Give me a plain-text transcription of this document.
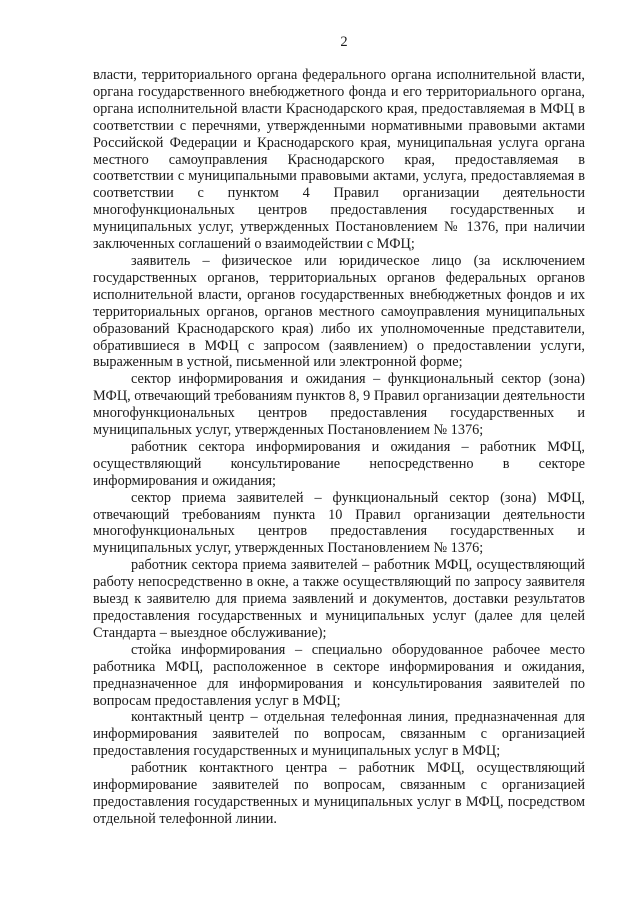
2

власти, территориального органа федерального органа исполнительной власти, органа государственного внебюджетного фонда и его территориального органа, органа исполнительной власти Краснодарского края, предоставляемая в МФЦ в соответствии с перечнями, утвержденными нормативными правовыми актами Российской Федерации и Краснодарского края, муниципальная услуга органа местного самоуправления Краснодарского края, предоставляемая в соответствии с муниципальными правовыми актами, услуга, предоставляемая в соответствии с пунктом 4 Правил организации деятельности многофункциональных центров предоставления государственных и муниципальных услуг, утвержденных Постановлением № 1376, при наличии заключенных соглашений о взаимодействии с МФЦ;

заявитель – физическое или юридическое лицо (за исключением государственных органов, территориальных органов федеральных органов исполнительной власти, органов государственных внебюджетных фондов и их территориальных органов, органов местного самоуправления муниципальных образований Краснодарского края) либо их уполномоченные представители, обратившиеся в МФЦ с запросом (заявлением) о предоставлении услуги, выраженным в устной, письменной или электронной форме;

сектор информирования и ожидания – функциональный сектор (зона) МФЦ, отвечающий требованиям пунктов 8, 9 Правил организации деятельности многофункциональных центров предоставления государственных и муниципальных услуг, утвержденных Постановлением № 1376;

работник сектора информирования и ожидания – работник МФЦ, осуществляющий консультирование непосредственно в секторе информирования и ожидания;

сектор приема заявителей – функциональный сектор (зона) МФЦ, отвечающий требованиям пункта 10 Правил организации деятельности многофункциональных центров предоставления государственных и муниципальных услуг, утвержденных Постановлением № 1376;

работник сектора приема заявителей – работник МФЦ, осуществляющий работу непосредственно в окне, а также осуществляющий по запросу заявителя выезд к заявителю для приема заявлений и документов, доставки результатов предоставления государственных и муниципальных услуг (далее для целей Стандарта – выездное обслуживание);

стойка информирования – специально оборудованное рабочее место работника МФЦ, расположенное в секторе информирования и ожидания, предназначенное для информирования и консультирования заявителей по вопросам предоставления услуг в МФЦ;

контактный центр – отдельная телефонная линия, предназначенная для информирования заявителей по вопросам, связанным с организацией предоставления государственных и муниципальных услуг в МФЦ;

работник контактного центра – работник МФЦ, осуществляющий информирование заявителей по вопросам, связанным с организацией предоставления государственных и муниципальных услуг в МФЦ, посредством отдельной телефонной линии.
